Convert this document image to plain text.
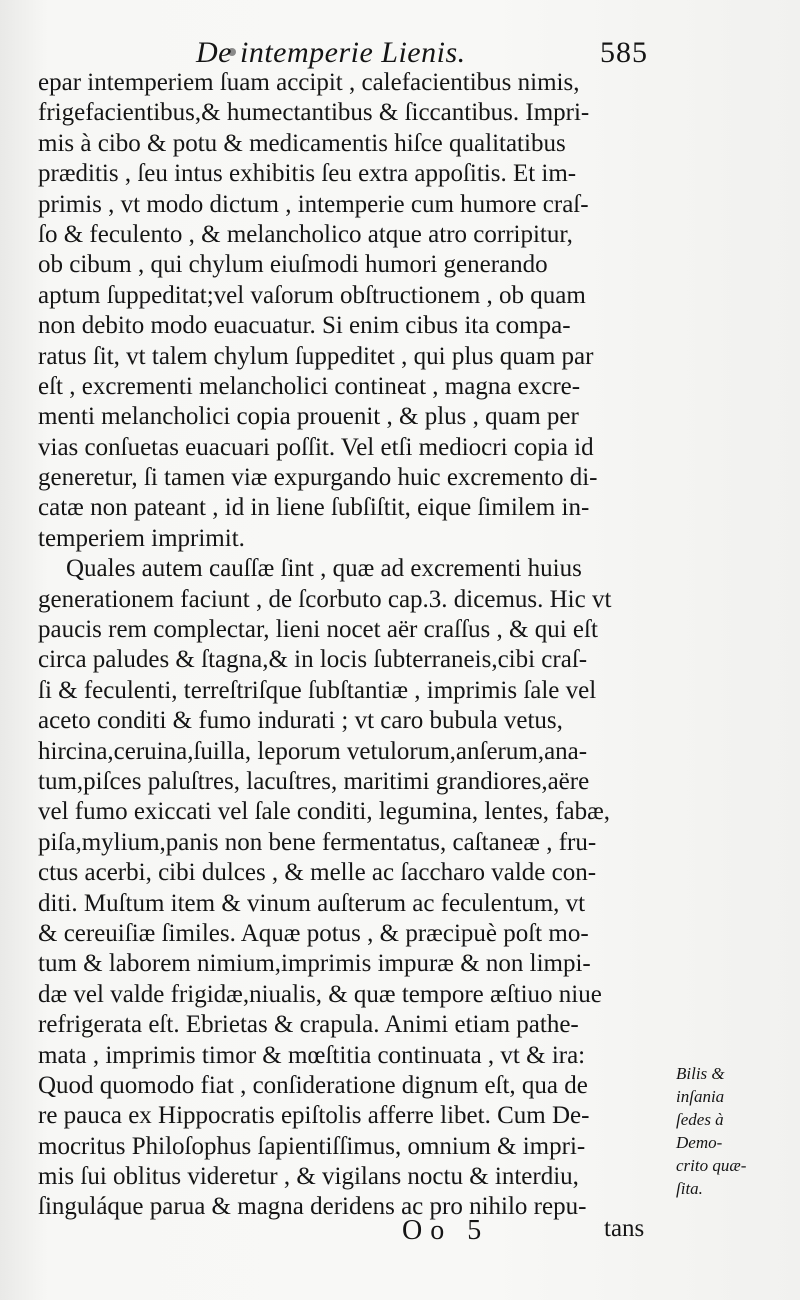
De intemperie Lienis.	585
epar intemperiem ſuam accipit , calefacientibus nimis,
frigefacientibus,& humectantibus & ſiccantibus. Impri-
mis à cibo & potu & medicamentis hiſce qualitatibus
præditis , ſeu intus exhibitis ſeu extra appoſitis. Et im-
primis , vt modo dictum , intemperie cum humore craſ-
ſo & feculento , & melancholico atque atro corripitur,
ob cibum , qui chylum eiuſmodi humori generando
aptum ſuppeditat;vel vaſorum obſtructionem , ob quam
non debito modo euacuatur. Si enim cibus ita compa-
ratus ſit, vt talem chylum ſuppeditet , qui plus quam par
eſt , excrementi melancholici contineat , magna excre-
menti melancholici copia prouenit , & plus , quam per
vias conſuetas euacuari poſſit. Vel etſi mediocri copia id
generetur, ſi tamen viæ expurgando huic excremento di-
catæ non pateant , id in liene ſubſiſtit, eique ſimilem in-
temperiem imprimit.
Quales autem cauſſæ ſint , quæ ad excrementi huius
generationem faciunt , de ſcorbuto cap.3. dicemus. Hic vt
paucis rem complectar, lieni nocet aër craſſus , & qui eſt
circa paludes & ſtagna,& in locis ſubterraneis,cibi craſ-
ſi & feculenti, terreſtriſque ſubſtantiæ , imprimis ſale vel
aceto conditi & fumo indurati ; vt caro bubula vetus,
hircina,ceruina,ſuilla, leporum vetulorum,anſerum,ana-
tum,piſces paluſtres, lacuſtres, maritimi grandiores,aëre
vel fumo exiccati vel ſale conditi, legumina, lentes, fabæ,
piſa,mylium,panis non bene fermentatus, caſtaneæ , fru-
ctus acerbi, cibi dulces , & melle ac ſaccharo valde con-
diti. Muſtum item & vinum auſterum ac feculentum, vt
& cereuiſiæ ſimiles. Aquæ potus , & præcipuè poſt mo-
tum & laborem nimium,imprimis impuræ & non limpi-
dæ vel valde frigidæ,niualis, & quæ tempore æſtiuo niue
refrigerata eſt. Ebrietas & crapula. Animi etiam pathe-
mata , imprimis timor & mœſtitia continuata , vt & ira:
Quod quomodo fiat , conſideratione dignum eſt, qua de
re pauca ex Hippocratis epiſtolis afferre libet. Cum De-
mocritus Philoſophus ſapientiſſimus, omnium & impri-
mis ſui oblitus videretur , & vigilans noctu & interdiu,
ſinguláque parua & magna deridens ac pro nihilo repu-
Bilis &
inſania
ſedes à
Demo-
crito quæ-
ſita.
Oo 5	tans
